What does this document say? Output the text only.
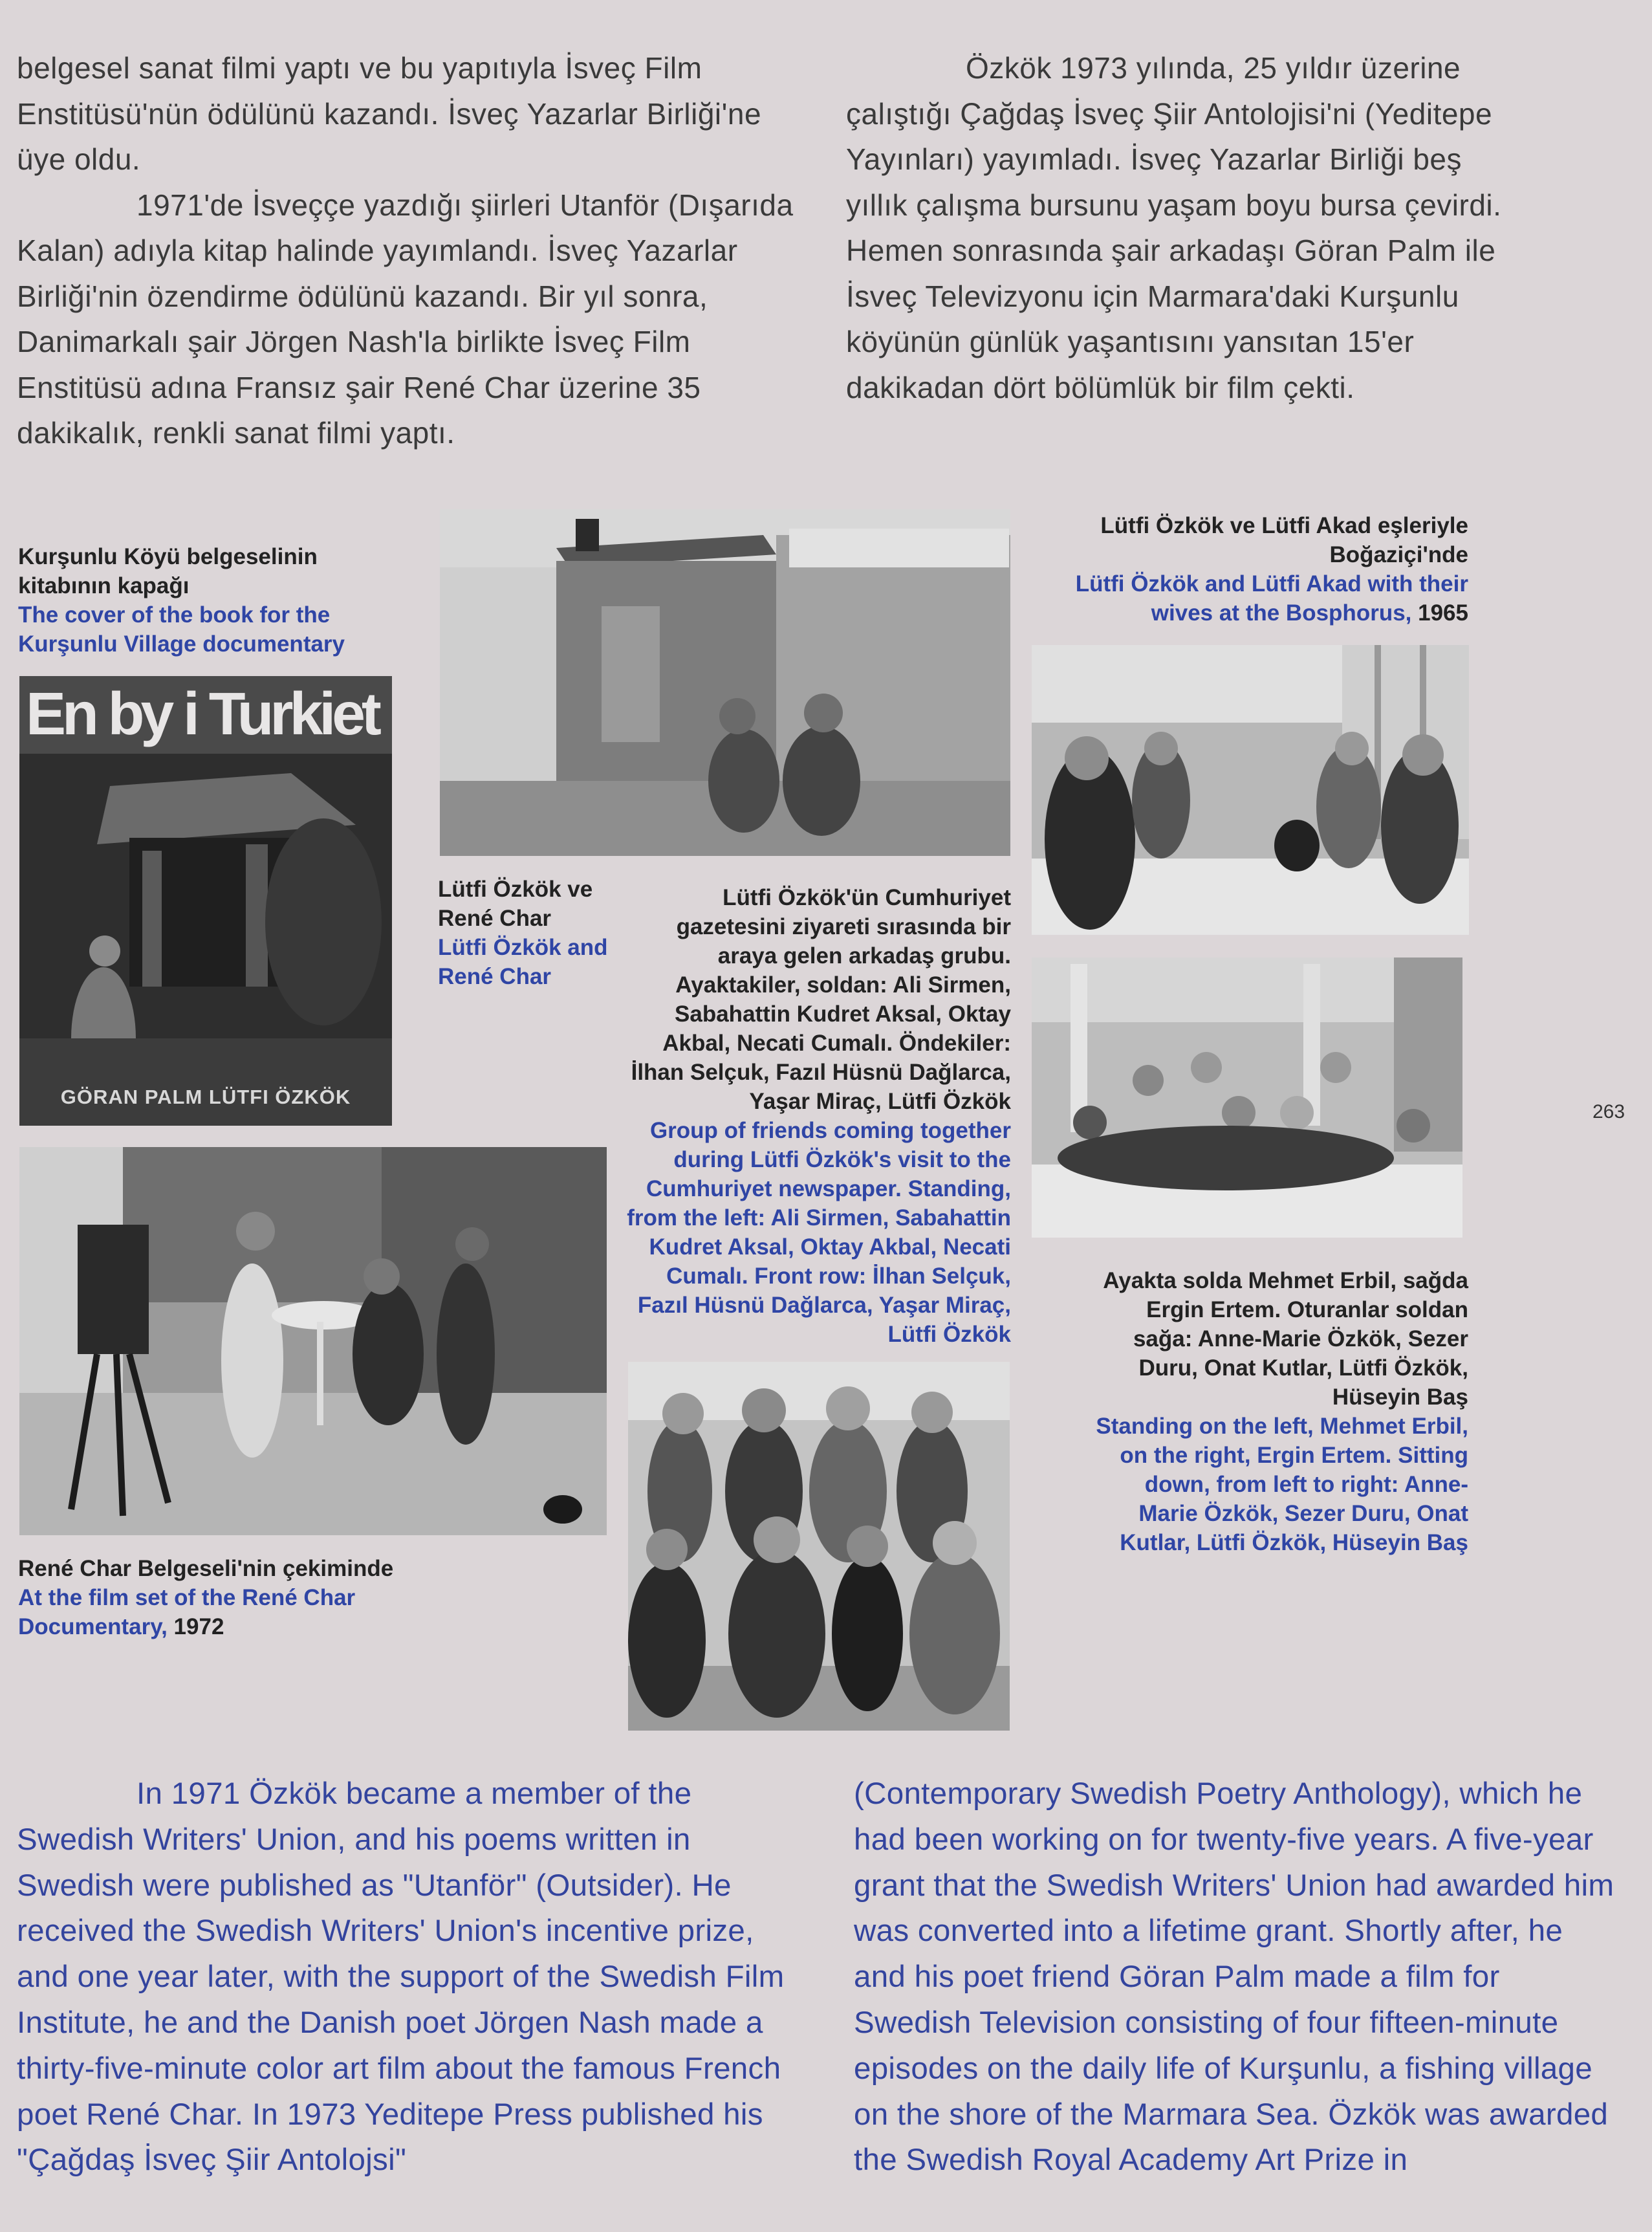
belgesel sanat filmi yaptı ve bu yapıtıyla İsveç Film Enstitüsü'nün ödülünü kazandı. İsveç Yazarlar Birliği'ne üye oldu.

1971'de İsveççe yazdığı şiirleri Utanför (Dışarıda Kalan) adıyla kitap halinde yayımlandı. İsveç Yazarlar Birliği'nin özendirme ödülünü kazandı. Bir yıl sonra, Danimarkalı şair Jörgen Nash'la birlikte İsveç Film Enstitüsü adına Fransız şair René Char üzerine 35 dakikalık, renkli sanat filmi yaptı.

Özkök 1973 yılında, 25 yıldır üzerine çalıştığı Çağdaş İsveç Şiir Antolojisi'ni (Yeditepe Yayınları) yayımladı. İsveç Yazarlar Birliği beş yıllık çalışma bursunu yaşam boyu bursa çevirdi. Hemen sonrasında şair arkadaşı Göran Palm ile İsveç Televizyonu için Marmara'daki Kurşunlu köyünün günlük yaşantısını yansıtan 15'er dakikadan dört bölümlük bir film çekti.

Kurşunlu Köyü belgeselinin kitabının kapağı
The cover of the book for the Kurşunlu Village documentary
En by i Turkiet
GÖRAN PALM LÜTFI ÖZKÖK
Lütfi Özkök ve René Char
Lütfi Özkök and René Char
Lütfi Özkök'ün Cumhuriyet gazetesini ziyareti sırasında bir araya gelen arkadaş grubu. Ayaktakiler, soldan: Ali Sirmen, Sabahattin Kudret Aksal, Oktay Akbal, Necati Cumalı. Öndekiler: İlhan Selçuk, Fazıl Hüsnü Dağlarca, Yaşar Miraç, Lütfi Özkök
Group of friends coming together during Lütfi Özkök's visit to the Cumhuriyet newspaper. Standing, from the left: Ali Sirmen, Sabahattin Kudret Aksal, Oktay Akbal, Necati Cumalı. Front row: İlhan Selçuk, Fazıl Hüsnü Dağlarca, Yaşar Miraç, Lütfi Özkök
Lütfi Özkök ve Lütfi Akad eşleriyle Boğaziçi'nde
Lütfi Özkök and Lütfi Akad with their wives at the Bosphorus, 1965
Ayakta solda Mehmet Erbil, sağda Ergin Ertem. Oturanlar soldan sağa: Anne-Marie Özkök, Sezer Duru, Onat Kutlar, Lütfi Özkök, Hüseyin Baş
Standing on the left, Mehmet Erbil, on the right, Ergin Ertem. Sitting down, from left to right: Anne-Marie Özkök, Sezer Duru, Onat Kutlar, Lütfi Özkök, Hüseyin Baş
René Char Belgeseli'nin çekiminde
At the film set of the René Char Documentary, 1972
263

In 1971 Özkök became a member of the Swedish Writers' Union, and his poems written in Swedish were published as "Utanför" (Outsider). He received the Swedish Writers' Union's incentive prize, and one year later, with the support of the Swedish Film Institute, he and the Danish poet Jörgen Nash made a thirty-five-minute color art film about the famous French poet René Char. In 1973 Yeditepe Press published his "Çağdaş İsveç Şiir Antolojsi"

(Contemporary Swedish Poetry Anthology), which he had been working on for twenty-five years. A five-year grant that the Swedish Writers' Union had awarded him was converted into a lifetime grant. Shortly after, he and his poet friend Göran Palm made a film for Swedish Television consisting of four fifteen-minute episodes on the daily life of Kurşunlu, a fishing village on the shore of the Marmara Sea. Özkök was awarded the Swedish Royal Academy Art Prize in
